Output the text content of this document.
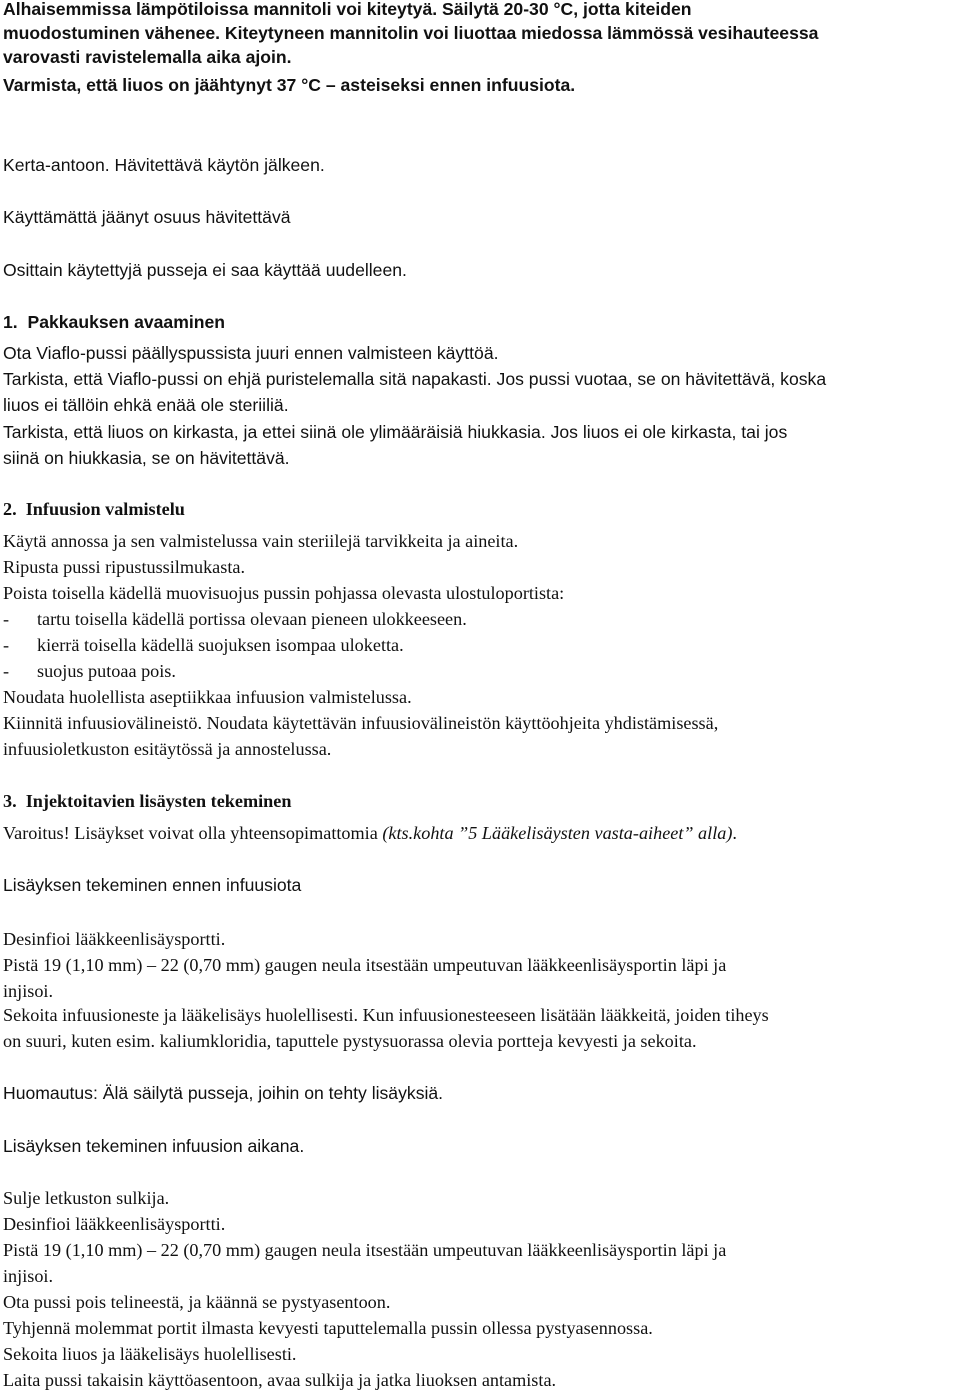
Alhaisemmissa lämpötiloissa mannitoli voi kiteytyä. Säilytä 20-30 °C, jotta kiteiden
muodostuminen vähenee. Kiteytyneen mannitolin voi liuottaa miedossa lämmössä vesihauteessa
varovasti ravistelemalla aika ajoin.
Varmista, että liuos on jäähtynyt 37 °C – asteiseksi ennen infuusiota.
Kerta-antoon. Hävitettävä käytön jälkeen.
Käyttämättä jäänyt osuus hävitettävä
Osittain käytettyjä pusseja ei saa käyttää uudelleen.
1. Pakkauksen avaaminen
Ota Viaflo-pussi päällyspussista juuri ennen valmisteen käyttöä.
Tarkista, että Viaflo-pussi on ehjä puristelemalla sitä napakasti. Jos pussi vuotaa, se on hävitettävä, koska
liuos ei tällöin ehkä enää ole steriiliä.
Tarkista, että liuos on kirkasta, ja ettei siinä ole ylimääräisiä hiukkasia. Jos liuos ei ole kirkasta, tai jos
siinä on hiukkasia, se on hävitettävä.
2. Infuusion valmistelu
Käytä annossa ja sen valmistelussa vain steriilejä tarvikkeita ja aineita.
Ripusta pussi ripustussilmukasta.
Poista toisella kädellä muovisuojus pussin pohjassa olevasta ulostuloportista:
- tartu toisella kädellä portissa olevaan pieneen ulokkeeseen.
- kierrä toisella kädellä suojuksen isompaa uloketta.
- suojus putoaa pois.
Noudata huolellista aseptiikkaa infuusion valmistelussa.
Kiinnitä infuusiovälineistö. Noudata käytettävän infuusiovälineistön käyttöohjeita yhdistämisessä,
infuusioletkuston esitäytössä ja annostelussa.
3. Injektoitavien lisäysten tekeminen
Varoitus! Lisäykset voivat olla yhteensopimattomia (kts.kohta ”5 Lääkelisäysten vasta-aiheet” alla).
Lisäyksen tekeminen ennen infuusiota
Desinfioi lääkkeenlisäysportti.
Pistä 19 (1,10 mm) – 22 (0,70 mm) gaugen neula itsestään umpeutuvan lääkkeenlisäysportin läpi ja
injisoi.
Sekoita infuusioneste ja lääkelisäys huolellisesti. Kun infuusionesteeseen lisätään lääkkeitä, joiden tiheys
on suuri, kuten esim. kaliumkloridia, taputtele pystysuorassa olevia portteja kevyesti ja sekoita.
Huomautus: Älä säilytä pusseja, joihin on tehty lisäyksiä.
Lisäyksen tekeminen infuusion aikana.
Sulje letkuston sulkija.
Desinfioi lääkkeenlisäysportti.
Pistä 19 (1,10 mm) – 22 (0,70 mm) gaugen neula itsestään umpeutuvan lääkkeenlisäysportin läpi ja
injisoi.
Ota pussi pois telineestä, ja käännä se pystyasentoon.
Tyhjennä molemmat portit ilmasta kevyesti taputtelemalla pussin ollessa pystyasennossa.
Sekoita liuos ja lääkelisäys huolellisesti.
Laita pussi takaisin käyttöasentoon, avaa sulkija ja jatka liuoksen antamista.
